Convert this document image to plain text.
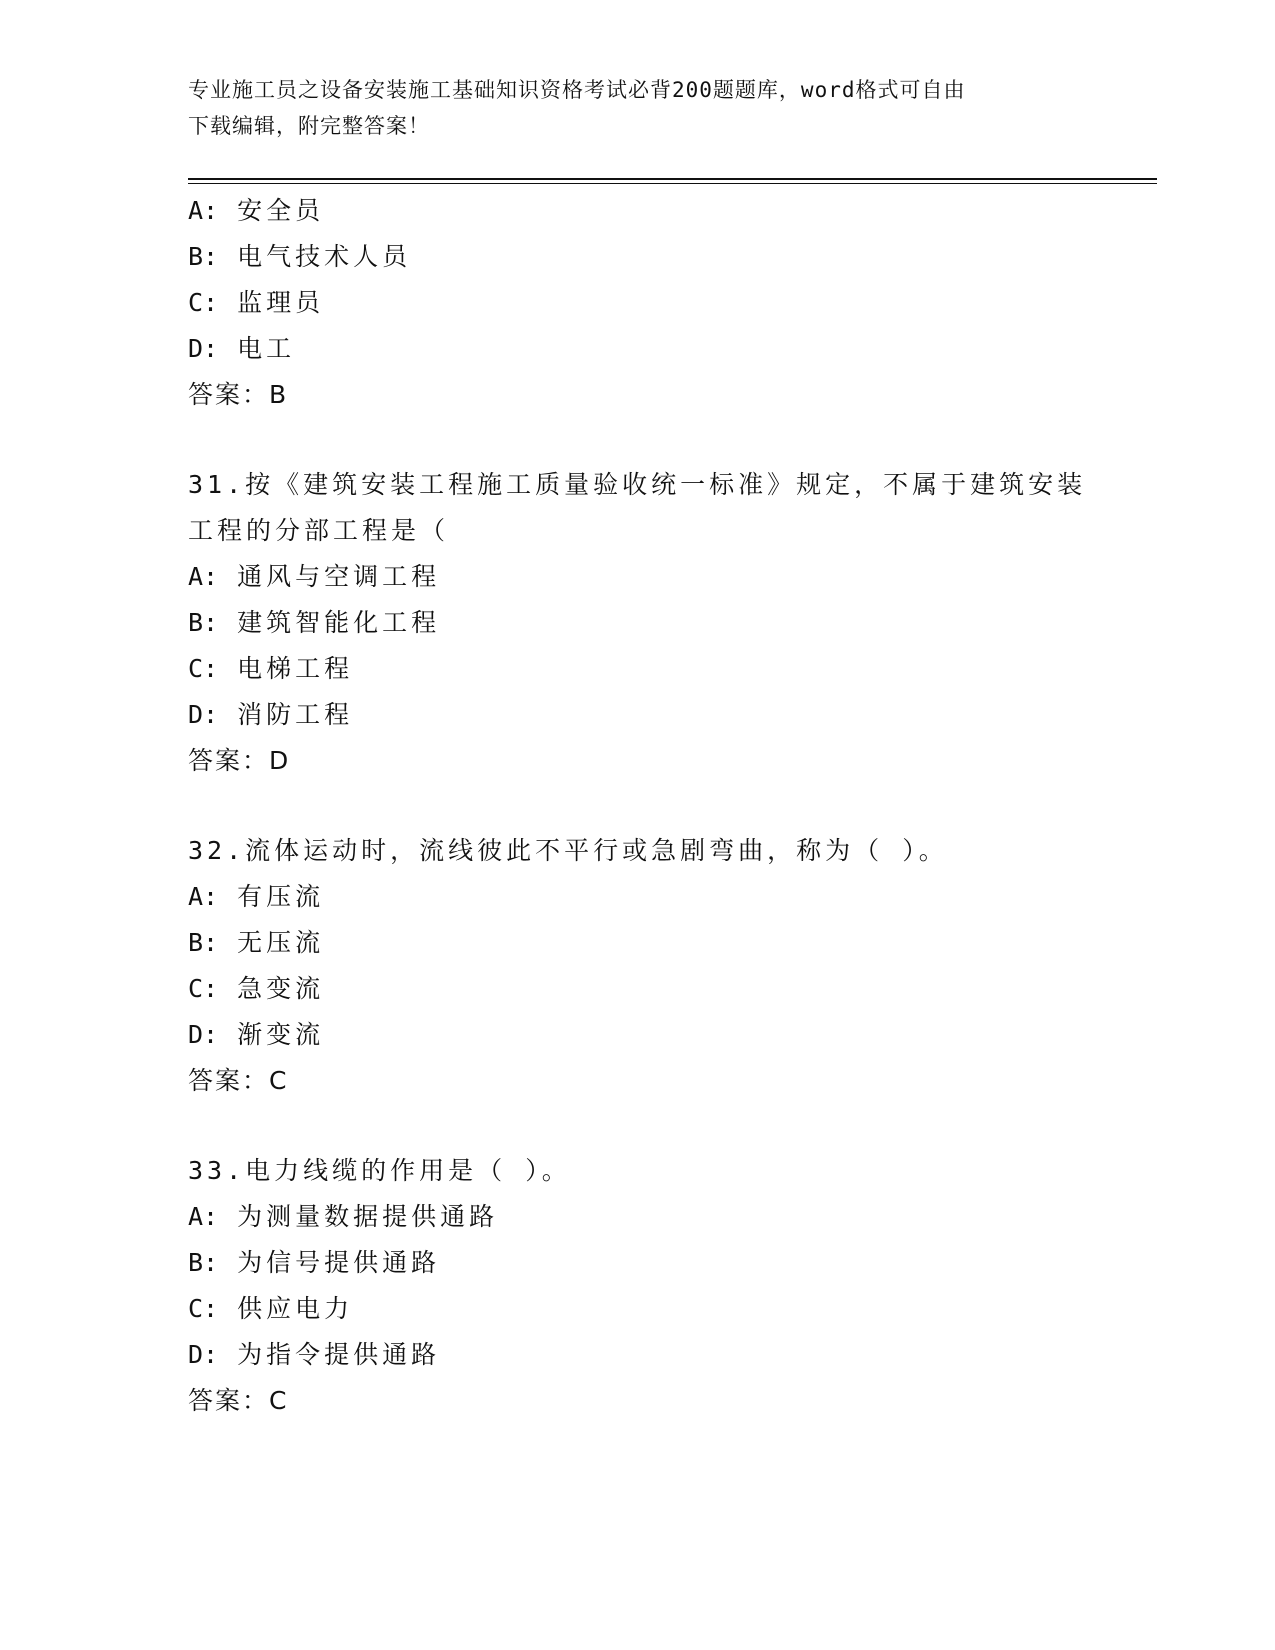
专业施工员之设备安装施工基础知识资格考试必背200题题库，word格式可自由
下载编辑，附完整答案！
A: 安全员
B: 电气技术人员
C: 监理员
D: 电工
答案：B
31.按《建筑安装工程施工质量验收统一标准》规定，不属于建筑安装
工程的分部工程是（
A: 通风与空调工程
B: 建筑智能化工程
C: 电梯工程
D: 消防工程
答案：D
32.流体运动时，流线彼此不平行或急剧弯曲，称为（ ）。
A: 有压流
B: 无压流
C: 急变流
D: 渐变流
答案：C
33.电力线缆的作用是（ ）。
A: 为测量数据提供通路
B: 为信号提供通路
C: 供应电力
D: 为指令提供通路
答案：C
